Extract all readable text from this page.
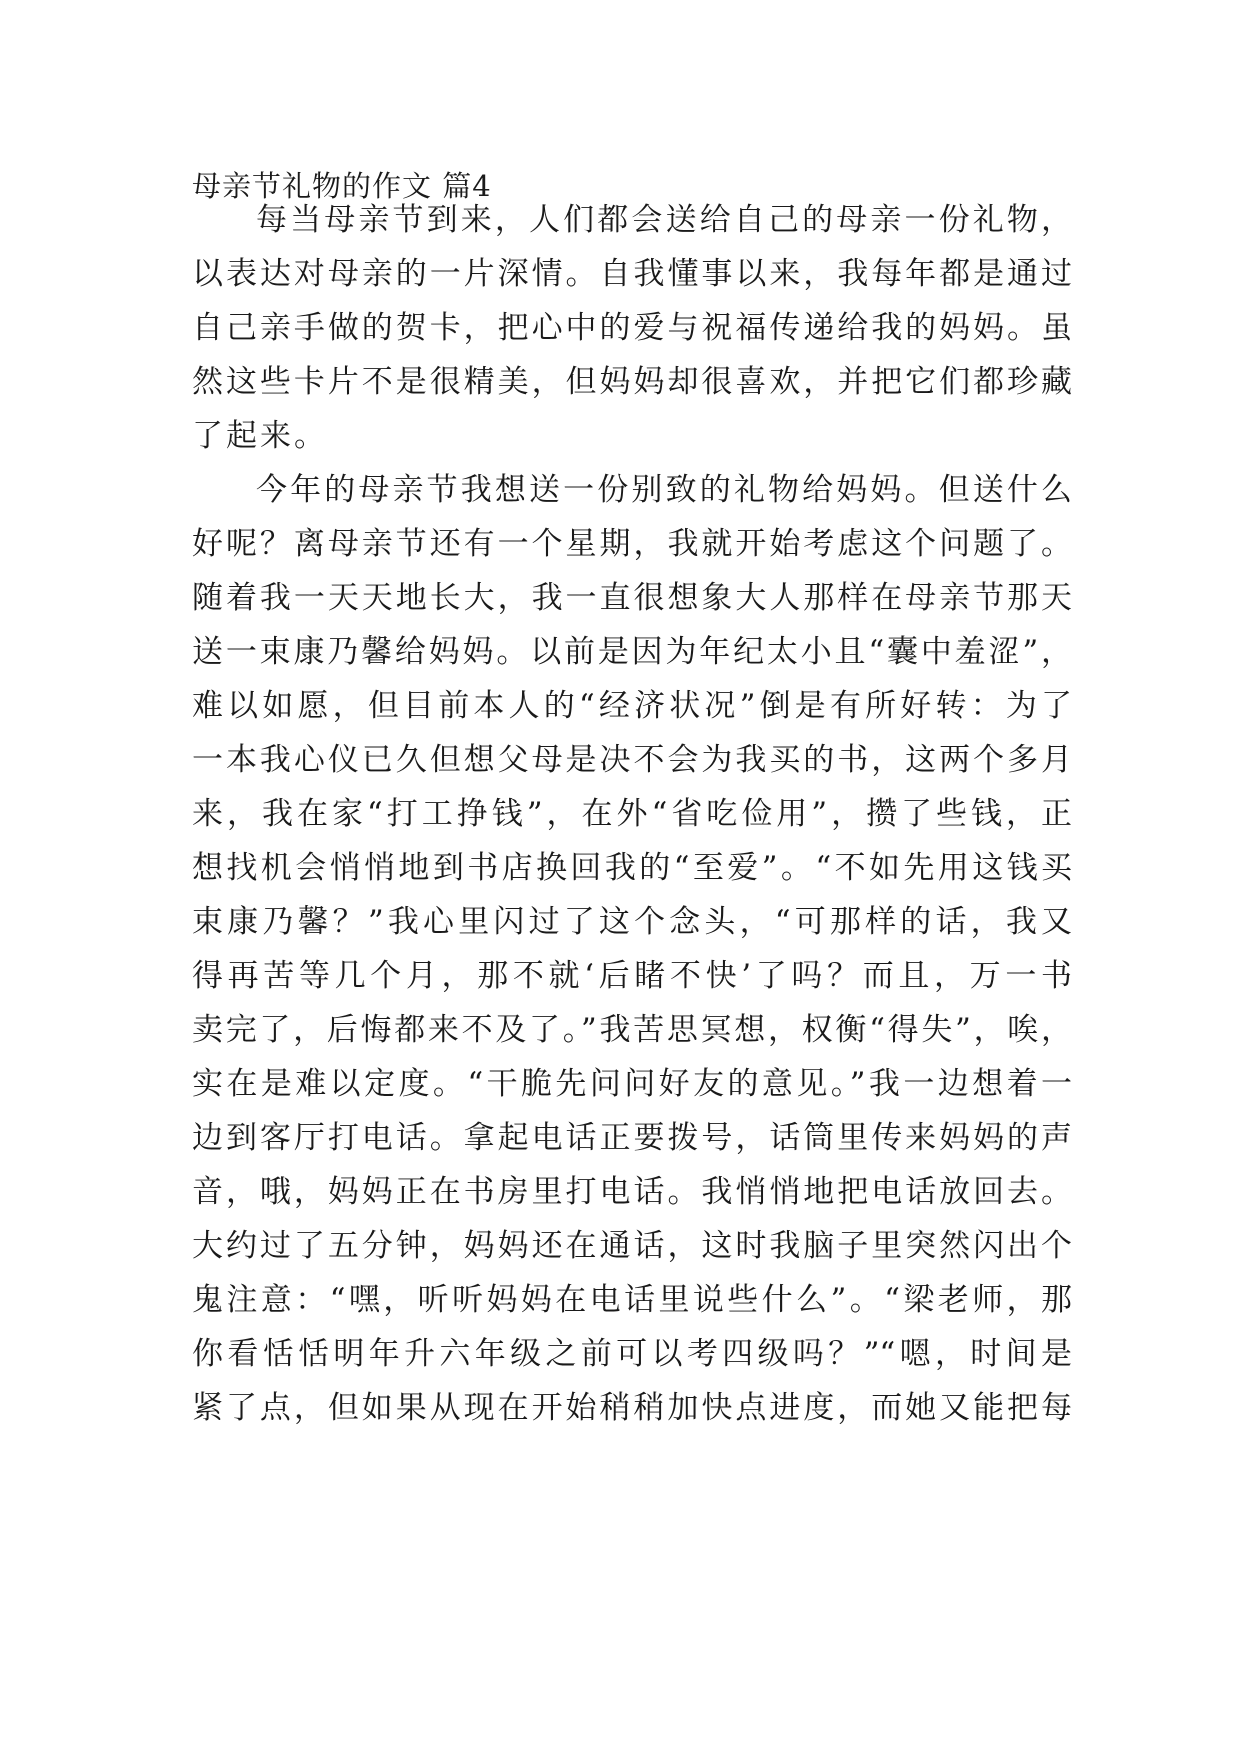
母亲节礼物的作文 篇4
每当母亲节到来，人们都会送给自己的母亲一份礼物，
以表达对母亲的一片深情。自我懂事以来，我每年都是通过
自己亲手做的贺卡，把心中的爱与祝福传递给我的妈妈。虽
然这些卡片不是很精美，但妈妈却很喜欢，并把它们都珍藏
了起来。
今年的母亲节我想送一份别致的礼物给妈妈。但送什么
好呢？离母亲节还有一个星期，我就开始考虑这个问题了。
随着我一天天地长大，我一直很想象大人那样在母亲节那天
送一束康乃馨给妈妈。以前是因为年纪太小且“囊中羞涩”，
难以如愿，但目前本人的“经济状况”倒是有所好转：为了
一本我心仪已久但想父母是决不会为我买的书，这两个多月
来，我在家“打工挣钱”，在外“省吃俭用”，攒了些钱，正
想找机会悄悄地到书店换回我的“至爱”。“不如先用这钱买
束康乃馨？”我心里闪过了这个念头，“可那样的话，我又
得再苦等几个月，那不就‘后睹不快’了吗？而且，万一书
卖完了，后悔都来不及了。”我苦思冥想，权衡“得失”，唉，
实在是难以定度。“干脆先问问好友的意见。”我一边想着一
边到客厅打电话。拿起电话正要拨号，话筒里传来妈妈的声
音，哦，妈妈正在书房里打电话。我悄悄地把电话放回去。
大约过了五分钟，妈妈还在通话，这时我脑子里突然闪出个
鬼注意：“嘿，听听妈妈在电话里说些什么”。“梁老师，那
你看恬恬明年升六年级之前可以考四级吗？”“嗯，时间是
紧了点，但如果从现在开始稍稍加快点进度，而她又能把每
